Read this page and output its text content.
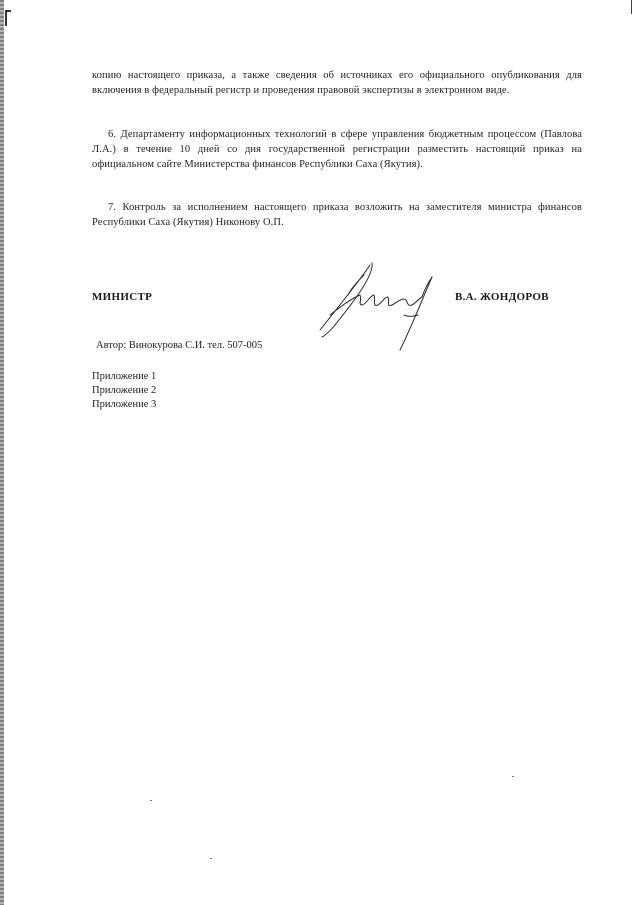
копию настоящего приказа, а также сведения об источниках его официального опубликования для включения в федеральный регистр и проведения правовой экспертизы в электронном виде.

6. Департаменту информационных технологий в сфере управления бюджетным процессом (Павлова Л.А.) в течение 10 дней со дня государственной регистрации разместить настоящий приказ на официальном сайте Министерства финансов Республики Саха (Якутия).

7. Контроль за исполнением настоящего приказа возложить на заместителя министра финансов Республики Саха (Якутия) Никонову О.П.

МИНИСТР	В.А. ЖОНДОРОВ
Автор: Винокурова С.И. тел. 507-005
Приложение 1
Приложение 2
Приложение 3
